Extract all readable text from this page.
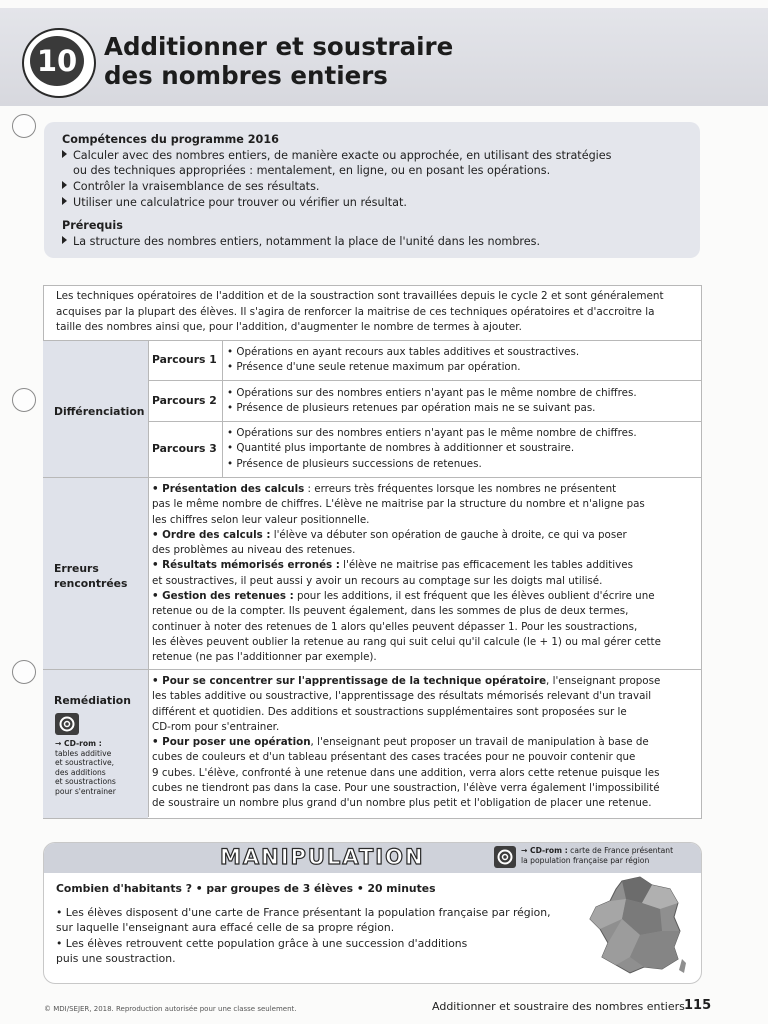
10 Additionner et soustraire
des nombres entiers
Compétences du programme 2016
Calculer avec des nombres entiers, de manière exacte ou approchée, en utilisant des stratégies
ou des techniques appropriées : mentalement, en ligne, ou en posant les opérations.
Contrôler la vraisemblance de ses résultats.
Utiliser une calculatrice pour trouver ou vérifier un résultat.
Prérequis
La structure des nombres entiers, notamment la place de l'unité dans les nombres.
Les techniques opératoires de l'addition et de la soustraction sont travaillées depuis le cycle 2 et sont généralement
acquises par la plupart des élèves. Il s'agira de renforcer la maitrise de ces techniques opératoires et d'accroitre la
taille des nombres ainsi que, pour l'addition, d'augmenter le nombre de termes à ajouter.
Différenciation
Erreurs
rencontrées
Remédiation
Parcours 1
• Opérations en ayant recours aux tables additives et soustractives.
• Présence d'une seule retenue maximum par opération.
Parcours 2
• Opérations sur des nombres entiers n'ayant pas le même nombre de chiffres.
• Présence de plusieurs retenues par opération mais ne se suivant pas.
Parcours 3
• Opérations sur des nombres entiers n'ayant pas le même nombre de chiffres.
• Quantité plus importante de nombres à additionner et soustraire.
• Présence de plusieurs successions de retenues.
• Présentation des calculs : erreurs très fréquentes lorsque les nombres ne présentent
pas le même nombre de chiffres. L'élève ne maitrise par la structure du nombre et n'aligne pas
les chiffres selon leur valeur positionnelle.
• Ordre des calculs : l'élève va débuter son opération de gauche à droite, ce qui va poser
des problèmes au niveau des retenues.
• Résultats mémorisés erronés : l'élève ne maitrise pas efficacement les tables additives
et soustractives, il peut aussi y avoir un recours au comptage sur les doigts mal utilisé.
• Gestion des retenues : pour les additions, il est fréquent que les élèves oublient d'écrire une
retenue ou de la compter. Ils peuvent également, dans les sommes de plus de deux termes,
continuer à noter des retenues de 1 alors qu'elles peuvent dépasser 1. Pour les soustractions,
les élèves peuvent oublier la retenue au rang qui suit celui qu'il calcule (le + 1) ou mal gérer cette
retenue (ne pas l'additionner par exemple).
• Pour se concentrer sur l'apprentissage de la technique opératoire, l'enseignant propose
les tables additive ou soustractive, l'apprentissage des résultats mémorisés relevant d'un travail
différent et quotidien. Des additions et soustractions supplémentaires sont proposées sur le
CD-rom pour s'entrainer.
• Pour poser une opération, l'enseignant peut proposer un travail de manipulation à base de
cubes de couleurs et d'un tableau présentant des cases tracées pour ne pouvoir contenir que
9 cubes. L'élève, confronté à une retenue dans une addition, verra alors cette retenue puisque les
cubes ne tiendront pas dans la case. Pour une soustraction, l'élève verra également l'impossibilité
de soustraire un nombre plus grand d'un nombre plus petit et l'obligation de placer une retenue.
→ CD-rom :
tables additive
et soustractive,
des additions
et soustractions
pour s'entrainer
Combien d'habitants ? • par groupes de 3 élèves • 20 minutes
• Les élèves disposent d'une carte de France présentant la population française par région,
sur laquelle l'enseignant aura effacé celle de sa propre région.
• Les élèves retrouvent cette population grâce à une succession d'additions
puis une soustraction.
MANIPULATION	→ CD-rom : carte de France présentant
la population française par région
© MDI/SEJER, 2018. Reproduction autorisée pour une classe seulement.	Additionner et soustraire des nombres entiers 115
